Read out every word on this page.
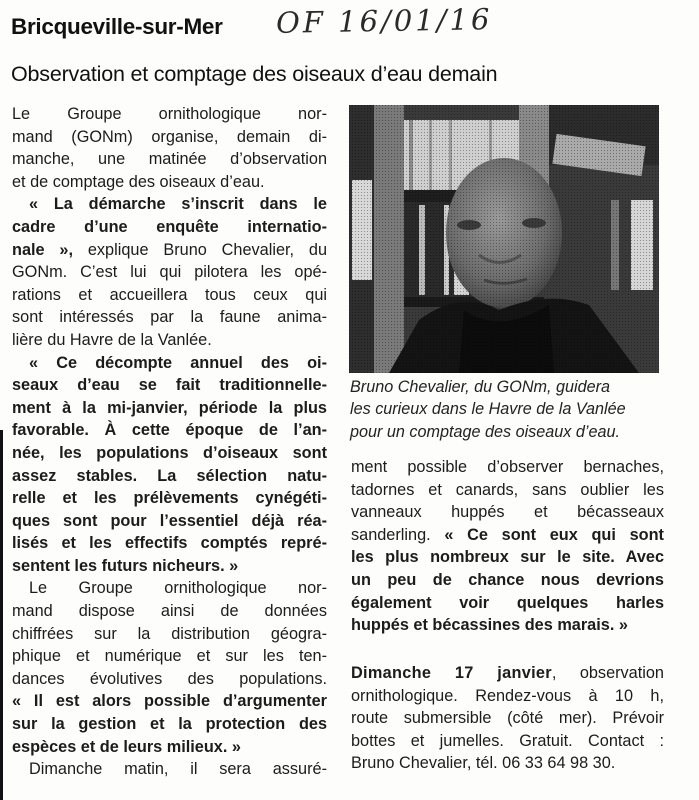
Bricqueville-sur-Mer OF 16/01/16
Observation et comptage des oiseaux d’eau demain
Le Groupe ornithologique nor-
mand (GONm) organise, demain di-
manche, une matinée d’observation
et de comptage des oiseaux d’eau.
« La démarche s’inscrit dans le
cadre d’une enquête internatio-
nale », explique Bruno Chevalier, du
GONm. C’est lui qui pilotera les opé-
rations et accueillera tous ceux qui
sont intéressés par la faune anima-
lière du Havre de la Vanlée.
« Ce décompte annuel des oi-
seaux d’eau se fait traditionnelle-
ment à la mi-janvier, période la plus
favorable. À cette époque de l’an-
née, les populations d’oiseaux sont
assez stables. La sélection natu-
relle et les prélèvements cynégéti-
ques sont pour l’essentiel déjà réa-
lisés et les effectifs comptés repré-
sentent les futurs nicheurs. »
Le Groupe ornithologique nor-
mand dispose ainsi de données
chiffrées sur la distribution géogra-
phique et numérique et sur les ten-
dances évolutives des populations.
« Il est alors possible d’argumenter
sur la gestion et la protection des
espèces et de leurs milieux. »
Dimanche matin, il sera assuré-
Bruno Chevalier, du GONm, guidera
les curieux dans le Havre de la Vanlée
pour un comptage des oiseaux d’eau.
ment possible d’observer bernaches,
tadornes et canards, sans oublier les
vanneaux huppés et bécasseaux
sanderling. « Ce sont eux qui sont
les plus nombreux sur le site. Avec
un peu de chance nous devrions
également voir quelques harles
huppés et bécassines des marais. »
Dimanche 17 janvier, observation
ornithologique. Rendez-vous à 10 h,
route submersible (côté mer). Prévoir
bottes et jumelles. Gratuit. Contact :
Bruno Chevalier, tél. 06 33 64 98 30.
